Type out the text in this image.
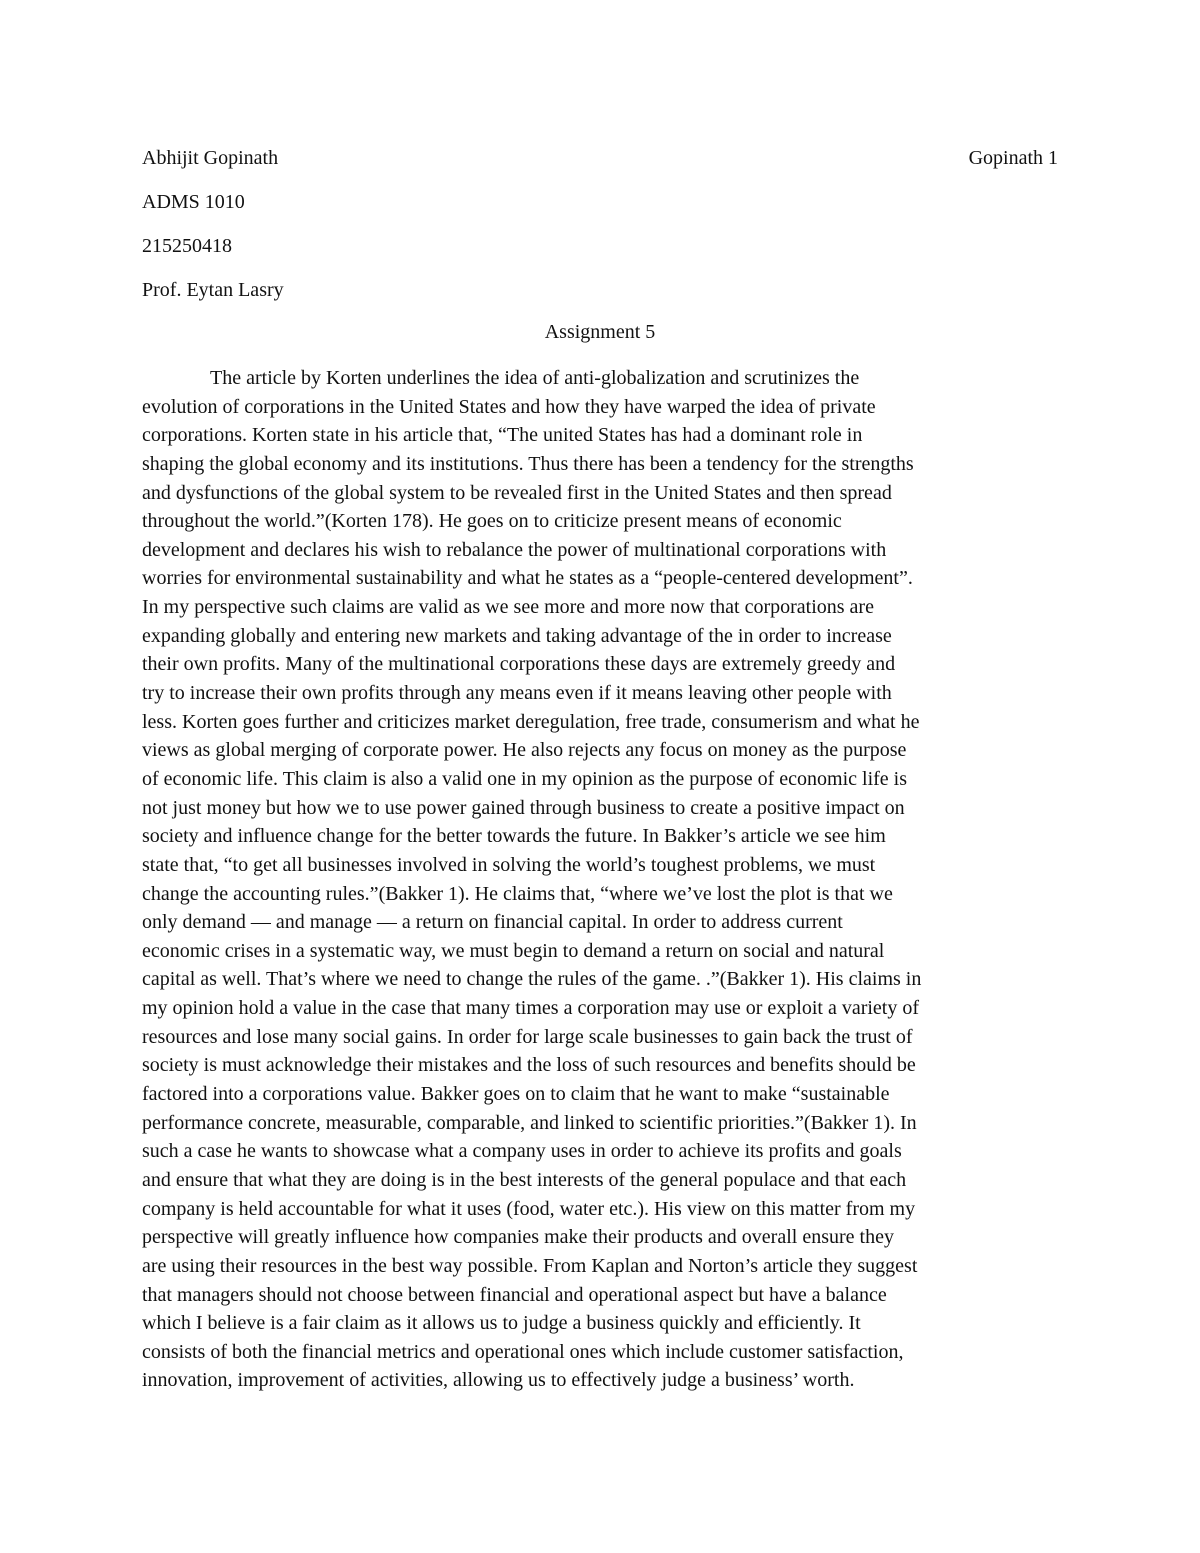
Abhijit Gopinath	Gopinath 1
ADMS 1010
215250418
Prof. Eytan Lasry
Assignment 5
The article by Korten underlines the idea of anti-globalization and scrutinizes the
evolution of corporations in the United States and how they have warped the idea of private
corporations. Korten state in his article that, “The united States has had a dominant role in
shaping the global economy and its institutions. Thus there has been a tendency for the strengths
and dysfunctions of the global system to be revealed first in the United States and then spread
throughout the world.”(Korten 178). He goes on to criticize present means of economic
development and declares his wish to rebalance the power of multinational corporations with
worries for environmental sustainability and what he states as a “people-centered development”.
In my perspective such claims are valid as we see more and more now that corporations are
expanding globally and entering new markets and taking advantage of the in order to increase
their own profits. Many of the multinational corporations these days are extremely greedy and
try to increase their own profits through any means even if it means leaving other people with
less. Korten goes further and criticizes market deregulation, free trade, consumerism and what he
views as global merging of corporate power. He also rejects any focus on money as the purpose
of economic life. This claim is also a valid one in my opinion as the purpose of economic life is
not just money but how we to use power gained through business to create a positive impact on
society and influence change for the better towards the future. In Bakker’s article we see him
state that, “to get all businesses involved in solving the world’s toughest problems, we must
change the accounting rules.”(Bakker 1). He claims that, “where we’ve lost the plot is that we
only demand — and manage — a return on financial capital. In order to address current
economic crises in a systematic way, we must begin to demand a return on social and natural
capital as well. That’s where we need to change the rules of the game. .”(Bakker 1). His claims in
my opinion hold a value in the case that many times a corporation may use or exploit a variety of
resources and lose many social gains. In order for large scale businesses to gain back the trust of
society is must acknowledge their mistakes and the loss of such resources and benefits should be
factored into a corporations value. Bakker goes on to claim that he want to make “sustainable
performance concrete, measurable, comparable, and linked to scientific priorities.”(Bakker 1). In
such a case he wants to showcase what a company uses in order to achieve its profits and goals
and ensure that what they are doing is in the best interests of the general populace and that each
company is held accountable for what it uses (food, water etc.). His view on this matter from my
perspective will greatly influence how companies make their products and overall ensure they
are using their resources in the best way possible. From Kaplan and Norton’s article they suggest
that managers should not choose between financial and operational aspect but have a balance
which I believe is a fair claim as it allows us to judge a business quickly and efficiently. It
consists of both the financial metrics and operational ones which include customer satisfaction,
innovation, improvement of activities, allowing us to effectively judge a business’ worth.
